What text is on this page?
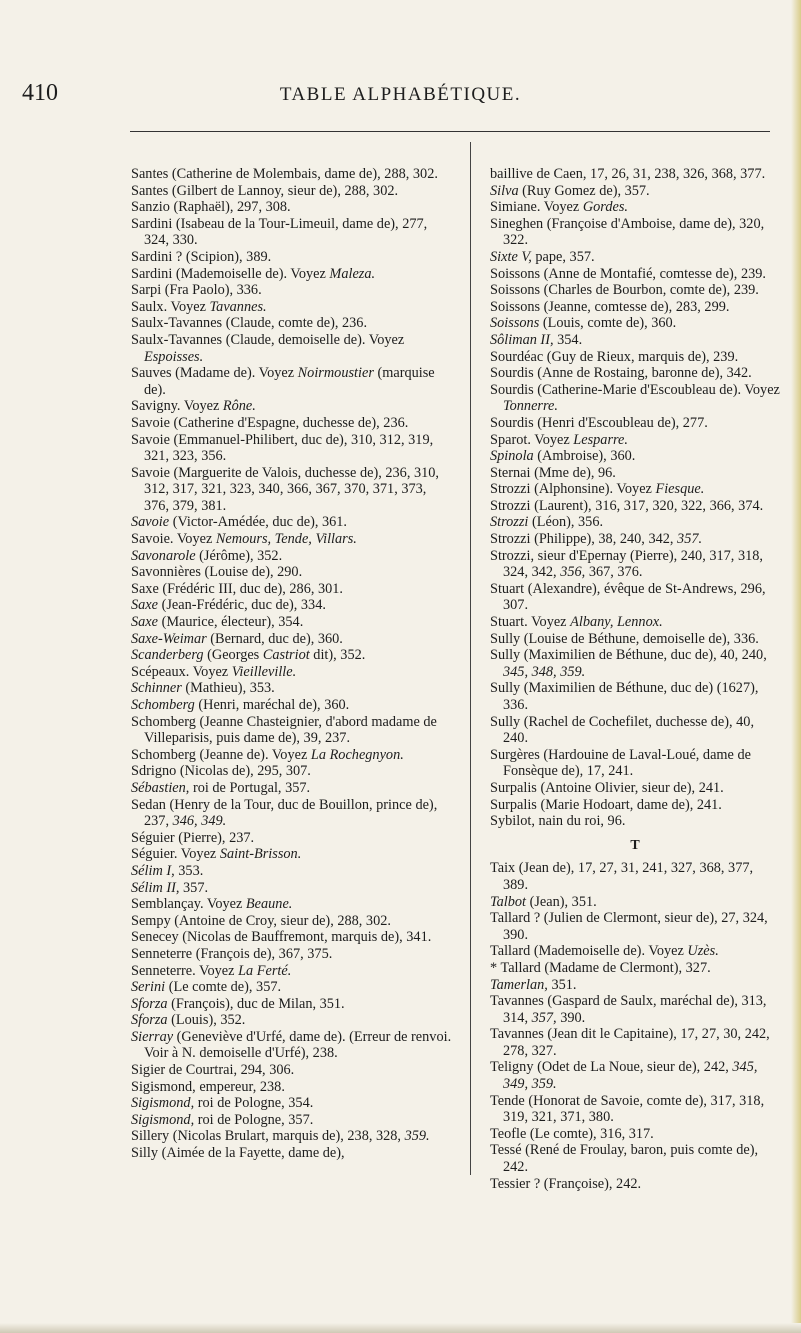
410	TABLE ALPHABÉTIQUE.

Santes (Catherine de Molembais, dame de), 288, 302.

Santes (Gilbert de Lannoy, sieur de), 288, 302.

Sanzio (Raphaël), 297, 308.

Sardini (Isabeau de la Tour-Limeuil, dame de), 277, 324, 330.

Sardini ? (Scipion), 389.

Sardini (Mademoiselle de). Voyez Maleza.

Sarpi (Fra Paolo), 336.

Saulx. Voyez Tavannes.

Saulx-Tavannes (Claude, comte de), 236.

Saulx-Tavannes (Claude, demoiselle de). Voyez Espoisses.

Sauves (Madame de). Voyez Noirmoustier (marquise de).

Savigny. Voyez Rône.

Savoie (Catherine d'Espagne, duchesse de), 236.

Savoie (Emmanuel-Philibert, duc de), 310, 312, 319, 321, 323, 356.

Savoie (Marguerite de Valois, duchesse de), 236, 310, 312, 317, 321, 323, 340, 366, 367, 370, 371, 373, 376, 379, 381.

Savoie (Victor-Amédée, duc de), 361.

Savoie. Voyez Nemours, Tende, Villars.

Savonarole (Jérôme), 352.

Savonnières (Louise de), 290.

Saxe (Frédéric III, duc de), 286, 301.

Saxe (Jean-Frédéric, duc de), 334.

Saxe (Maurice, électeur), 354.

Saxe-Weimar (Bernard, duc de), 360.

Scanderberg (Georges Castriot dit), 352.

Scépeaux. Voyez Vieilleville.

Schinner (Mathieu), 353.

Schomberg (Henri, maréchal de), 360.

Schomberg (Jeanne Chasteignier, d'abord madame de Villeparisis, puis dame de), 39, 237.

Schomberg (Jeanne de). Voyez La Rochegnyon.

Sdrigno (Nicolas de), 295, 307.

Sébastien, roi de Portugal, 357.

Sedan (Henry de la Tour, duc de Bouillon, prince de), 237, 346, 349.

Séguier (Pierre), 237.

Séguier. Voyez Saint-Brisson.

Sélim I, 353.

Sélim II, 357.

Semblançay. Voyez Beaune.

Sempy (Antoine de Croy, sieur de), 288, 302.

Senecey (Nicolas de Bauffremont, marquis de), 341.

Senneterre (François de), 367, 375.

Senneterre. Voyez La Ferté.

Serini (Le comte de), 357.

Sforza (François), duc de Milan, 351.

Sforza (Louis), 352.

Sierray (Geneviève d'Urfé, dame de). (Erreur de renvoi. Voir à N. demoiselle d'Urfé), 238.

Sigier de Courtrai, 294, 306.

Sigismond, empereur, 238.

Sigismond, roi de Pologne, 354.

Sigismond, roi de Pologne, 357.

Sillery (Nicolas Brulart, marquis de), 238, 328, 359.

Silly (Aimée de la Fayette, dame de),

baillive de Caen, 17, 26, 31, 238, 326, 368, 377.

Silva (Ruy Gomez de), 357.

Simiane. Voyez Gordes.

Sineghen (Françoise d'Amboise, dame de), 320, 322.

Sixte V, pape, 357.

Soissons (Anne de Montafié, comtesse de), 239.

Soissons (Charles de Bourbon, comte de), 239.

Soissons (Jeanne, comtesse de), 283, 299.

Soissons (Louis, comte de), 360.

Sôliman II, 354.

Sourdéac (Guy de Rieux, marquis de), 239.

Sourdis (Anne de Rostaing, baronne de), 342.

Sourdis (Catherine-Marie d'Escoubleau de). Voyez Tonnerre.

Sourdis (Henri d'Escoubleau de), 277.

Sparot. Voyez Lesparre.

Spinola (Ambroise), 360.

Sternai (Mme de), 96.

Strozzi (Alphonsine). Voyez Fiesque.

Strozzi (Laurent), 316, 317, 320, 322, 366, 374.

Strozzi (Léon), 356.

Strozzi (Philippe), 38, 240, 342, 357.

Strozzi, sieur d'Epernay (Pierre), 240, 317, 318, 324, 342, 356, 367, 376.

Stuart (Alexandre), évêque de St-Andrews, 296, 307.

Stuart. Voyez Albany, Lennox.

Sully (Louise de Béthune, demoiselle de), 336.

Sully (Maximilien de Béthune, duc de), 40, 240, 345, 348, 359.

Sully (Maximilien de Béthune, duc de) (1627), 336.

Sully (Rachel de Cochefilet, duchesse de), 40, 240.

Surgères (Hardouine de Laval-Loué, dame de Fonsèque de), 17, 241.

Surpalis (Antoine Olivier, sieur de), 241.

Surpalis (Marie Hodoart, dame de), 241.

Sybilot, nain du roi, 96.

T

Taix (Jean de), 17, 27, 31, 241, 327, 368, 377, 389.

Talbot (Jean), 351.

Tallard ? (Julien de Clermont, sieur de), 27, 324, 390.

Tallard (Mademoiselle de). Voyez Uzès.

* Tallard (Madame de Clermont), 327.

Tamerlan, 351.

Tavannes (Gaspard de Saulx, maréchal de), 313, 314, 357, 390.

Tavannes (Jean dit le Capitaine), 17, 27, 30, 242, 278, 327.

Teligny (Odet de La Noue, sieur de), 242, 345, 349, 359.

Tende (Honorat de Savoie, comte de), 317, 318, 319, 321, 371, 380.

Teofle (Le comte), 316, 317.

Tessé (René de Froulay, baron, puis comte de), 242.

Tessier ? (Françoise), 242.
